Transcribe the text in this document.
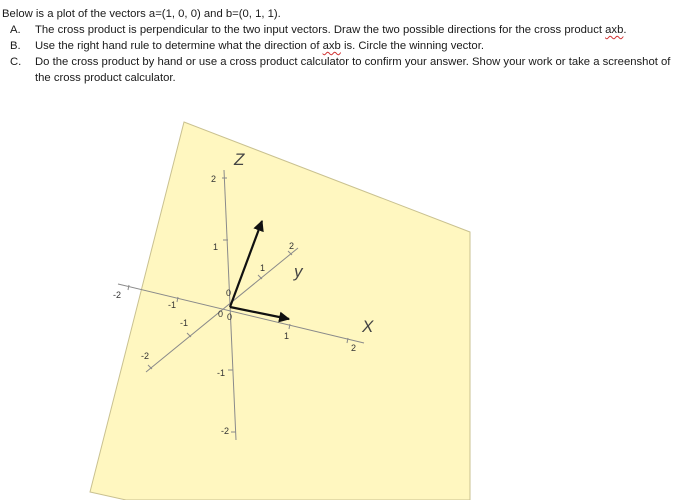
Below is a plot of the vectors a=(1, 0, 0) and b=(0, 1, 1).

A. The cross product is perpendicular to the two input vectors. Draw the two possible directions for the cross product axb.
B. Use the right hand rule to determine what the direction of axb is. Circle the winning vector.
C. Do the cross product by hand or use a cross product calculator to confirm your answer. Show your work or take a screenshot of the cross product calculator.
Z
y
X
2
1
0
-1
-2
2
1
-1
-2
1
2
-1
-2
0 0
